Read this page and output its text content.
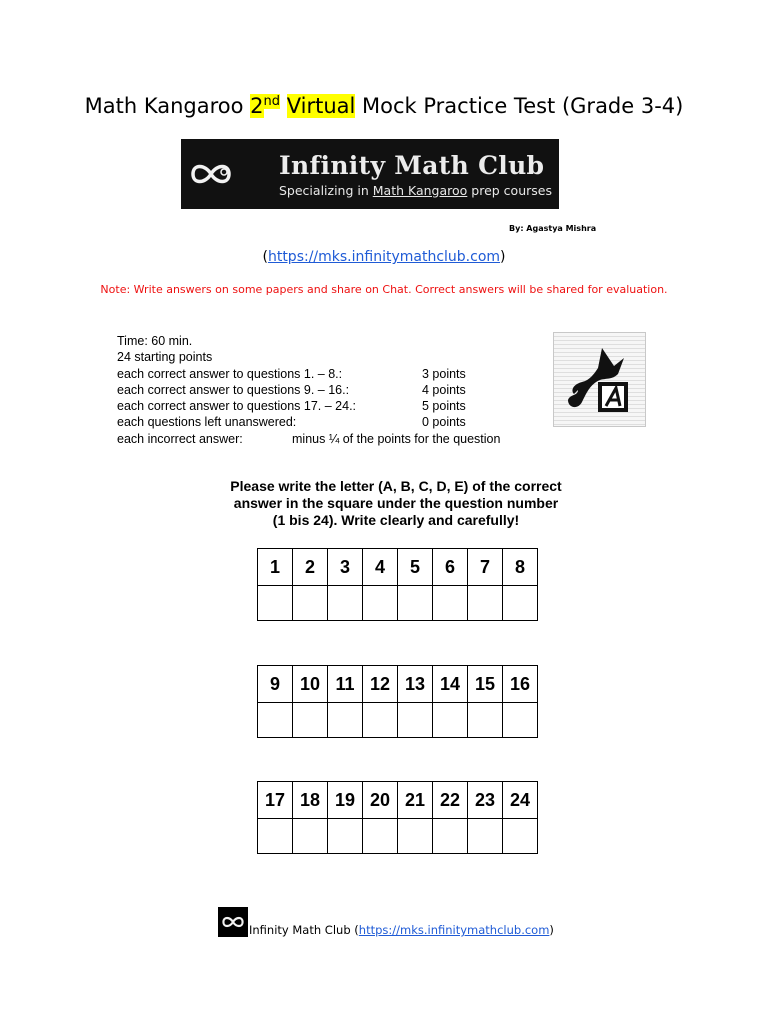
Math Kangaroo 2nd Virtual Mock Practice Test (Grade 3-4)
Infinity Math Club
Specializing in Math Kangaroo prep courses
By: Agastya Mishra
(https://mks.infinitymathclub.com)
Note: Write answers on some papers and share on Chat. Correct answers will be shared for evaluation.
Time: 60 min.
24 starting points
each correct answer to questions 1. – 8.:	3 points
each correct answer to questions 9. – 16.:	4 points
each correct answer to questions 17. – 24.:	5 points
each questions left unanswered:	0 points
each incorrect answer:	minus ¼ of the points for the question
Please write the letter (A, B, C, D, E) of the correct
answer in the square under the question number
(1 bis 24). Write clearly and carefully!
1	2	3	4	5	6	7	8

9	10	11	12	13	14	15	16

17	18	19	20	21	22	23	24

Infinity Math Club (https://mks.infinitymathclub.com)
